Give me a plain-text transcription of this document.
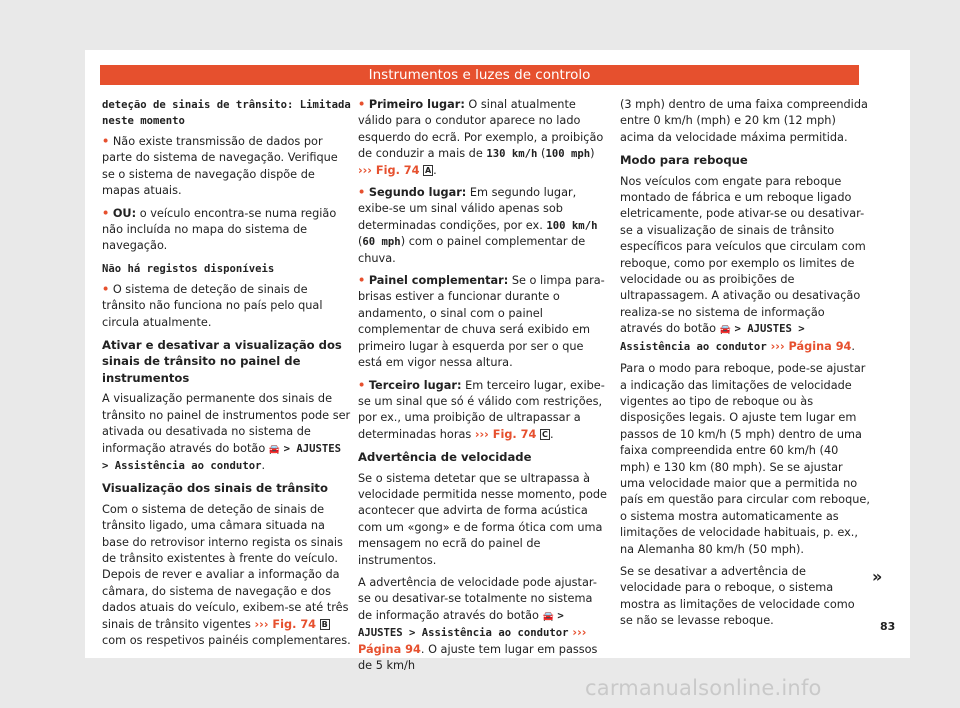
Instrumentos e luzes de controlo
deteção de sinais de trânsito: Limitada neste momento

• Não existe transmissão de dados por parte do sistema de navegação. Verifique se o sistema de navegação dispõe de mapas atuais.

• OU: o veículo encontra-se numa região não incluída no mapa do sistema de navegação.

Não há registos disponíveis

• O sistema de deteção de sinais de trânsito não funciona no país pelo qual circula atualmente.

Ativar e desativar a visualização dos sinais de trânsito no painel de instrumentos

A visualização permanente dos sinais de trânsito no painel de instrumentos pode ser ativada ou desativada no sistema de informação através do botão 🚘 > AJUSTES > Assistência ao condutor.

Visualização dos sinais de trânsito

Com o sistema de deteção de sinais de trânsito ligado, uma câmara situada na base do retrovisor interno regista os sinais de trânsito existentes à frente do veículo. Depois de rever e avaliar a informação da câmara, do sistema de navegação e dos dados atuais do veículo, exibem-se até três sinais de trânsito vigentes ››› Fig. 74 B com os respetivos painéis complementares.

• Primeiro lugar: O sinal atualmente válido para o condutor aparece no lado esquerdo do ecrã. Por exemplo, a proibição de conduzir a mais de 130 km/h (100 mph)
››› Fig. 74 A .

• Segundo lugar: Em segundo lugar, exibe-se um sinal válido apenas sob determinadas condições, por ex. 100 km/h (60 mph) com o painel complementar de chuva.

• Painel complementar: Se o limpa para-brisas estiver a funcionar durante o andamento, o sinal com o painel complementar de chuva será exibido em primeiro lugar à esquerda por ser o que está em vigor nessa altura.

• Terceiro lugar: Em terceiro lugar, exibe-se um sinal que só é válido com restrições, por ex., uma proibição de ultrapassar a determinadas horas ››› Fig. 74 C .

Advertência de velocidade

Se o sistema detetar que se ultrapassa à velocidade permitida nesse momento, pode acontecer que advirta de forma acústica com um «gong» e de forma ótica com uma mensagem no ecrã do painel de instrumentos.

A advertência de velocidade pode ajustar-se ou desativar-se totalmente no sistema de informação através do botão 🚘 > AJUSTES > Assistência ao condutor ››› Página 94. O ajuste tem lugar em passos de 5 km/h

(3 mph) dentro de uma faixa compreendida entre 0 km/h (mph) e 20 km (12 mph) acima da velocidade máxima permitida.

Modo para reboque

Nos veículos com engate para reboque montado de fábrica e um reboque ligado eletricamente, pode ativar-se ou desativar-se a visualização de sinais de trânsito específicos para veículos que circulam com reboque, como por exemplo os limites de velocidade ou as proibições de ultrapassagem. A ativação ou desativação realiza-se no sistema de informação através do botão 🚘 > AJUSTES > Assistência ao condutor ››› Página 94.

Para o modo para reboque, pode-se ajustar a indicação das limitações de velocidade vigentes ao tipo de reboque ou às disposições legais. O ajuste tem lugar em passos de 10 km/h (5 mph) dentro de uma faixa compreendida entre 60 km/h (40 mph) e 130 km (80 mph). Se se ajustar uma velocidade maior que a permitida no país em questão para circular com reboque, o sistema mostra automaticamente as limitações de velocidade habituais, p. ex., na Alemanha 80 km/h (50 mph).

Se se desativar a advertência de velocidade para o reboque, o sistema mostra as limitações de velocidade como se não se levasse reboque.

»
83
carmanualsonline.info
